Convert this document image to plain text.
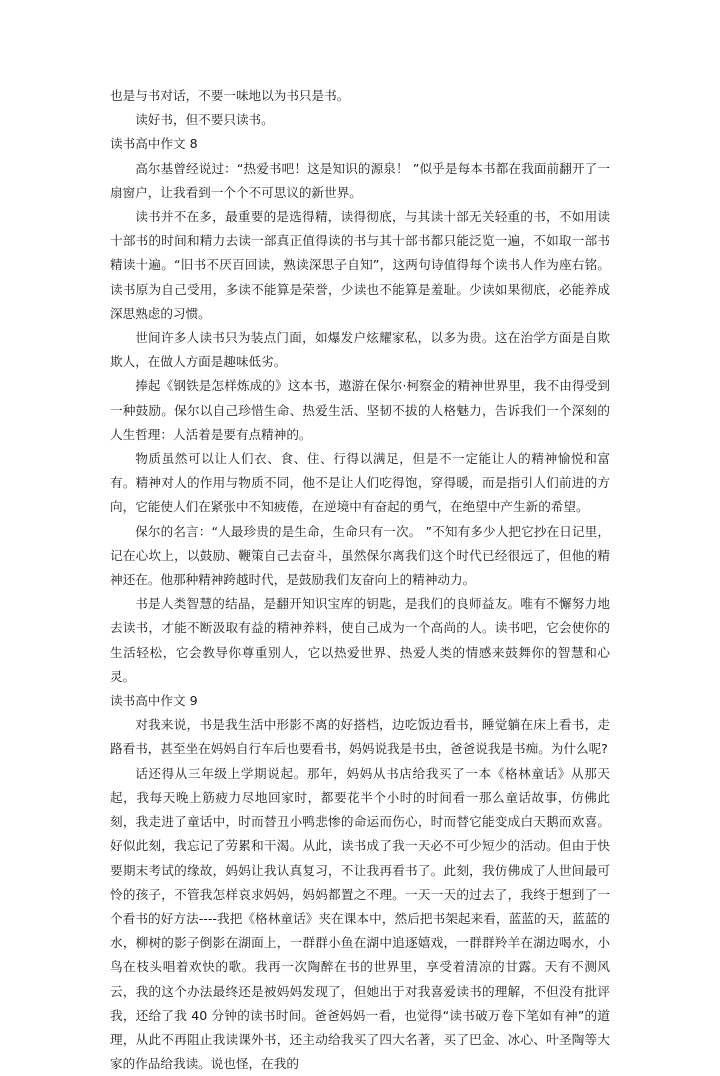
也是与书对话，不要一味地以为书只是书。

读好书，但不要只读书。

读书高中作文 8

高尔基曾经说过：“热爱书吧！这是知识的源泉！ ”似乎是每本书都在我面前翻开了一扇窗户，让我看到一个个不可思议的新世界。

读书并不在多，最重要的是选得精，读得彻底，与其读十部无关轻重的书，不如用读十部书的时间和精力去读一部真正值得读的书与其十部书都只能泛览一遍，不如取一部书精读十遍。“旧书不厌百回读，熟读深思子自知”，这两句诗值得每个读书人作为座右铭。读书原为自己受用，多读不能算是荣誉，少读也不能算是羞耻。少读如果彻底，必能养成深思熟虑的习惯。

世间许多人读书只为装点门面，如爆发户炫耀家私，以多为贵。这在治学方面是自欺欺人，在做人方面是趣味低劣。

捧起《钢铁是怎样炼成的》这本书，遨游在保尔·柯察金的精神世界里，我不由得受到一种鼓励。保尔以自己珍惜生命、热爱生活、坚韧不拔的人格魅力，告诉我们一个深刻的人生哲理：人活着是要有点精神的。

物质虽然可以让人们衣、食、住、行得以满足，但是不一定能让人的精神愉悦和富有。精神对人的作用与物质不同，他不是让人们吃得饱，穿得暖，而是指引人们前进的方向，它能使人们在紧张中不知疲倦，在逆境中有奋起的勇气，在绝望中产生新的希望。

保尔的名言：“人最珍贵的是生命，生命只有一次。 ”不知有多少人把它抄在日记里，记在心坎上，以鼓励、鞭策自己去奋斗，虽然保尔离我们这个时代已经很远了，但他的精神还在。他那种精神跨越时代，是鼓励我们友奋向上的精神动力。

书是人类智慧的结晶，是翻开知识宝库的钥匙，是我们的良师益友。唯有不懈努力地去读书，才能不断汲取有益的精神养料，使自己成为一个高尚的人。读书吧，它会使你的生活轻松，它会教导你尊重别人，它以热爱世界、热爱人类的情感来鼓舞你的智慧和心灵。

读书高中作文 9

对我来说，书是我生活中形影不离的好搭档，边吃饭边看书，睡觉躺在床上看书，走路看书，甚至坐在妈妈自行车后也要看书，妈妈说我是书虫，爸爸说我是书痴。为什么呢?

话还得从三年级上学期说起。那年，妈妈从书店给我买了一本《格林童话》从那天起，我每天晚上筋疲力尽地回家时，都要花半个小时的时间看一那么童话故事，仿佛此刻，我走进了童话中，时而替丑小鸭悲惨的命运而伤心，时而替它能变成白天鹅而欢喜。好似此刻，我忘记了劳累和干渴。从此，读书成了我一天必不可少短少的活动。但由于快要期末考试的缘故，妈妈让我认真复习，不让我再看书了。此刻，我仿佛成了人世间最可怜的孩子，不管我怎样哀求妈妈，妈妈都置之不理。一天一天的过去了，我终于想到了一个看书的好方法----我把《格林童话》夹在课本中，然后把书架起来看，蓝蓝的天，蓝蓝的水，柳树的影子倒影在湖面上，一群群小鱼在湖中追逐嬉戏，一群群羚羊在湖边喝水，小鸟在枝头唱着欢快的歌。我再一次陶醉在书的世界里，享受着清凉的甘露。天有不测风云，我的这个办法最终还是被妈妈发现了，但她出于对我喜爱读书的理解，不但没有批评我，还给了我 40 分钟的读书时间。爸爸妈妈一看，也觉得“读书破万卷下笔如有神”的道理，从此不再阻止我读课外书，还主动给我买了四大名著，买了巴金、冰心、叶圣陶等大家的作品给我读。说也怪，在我的
